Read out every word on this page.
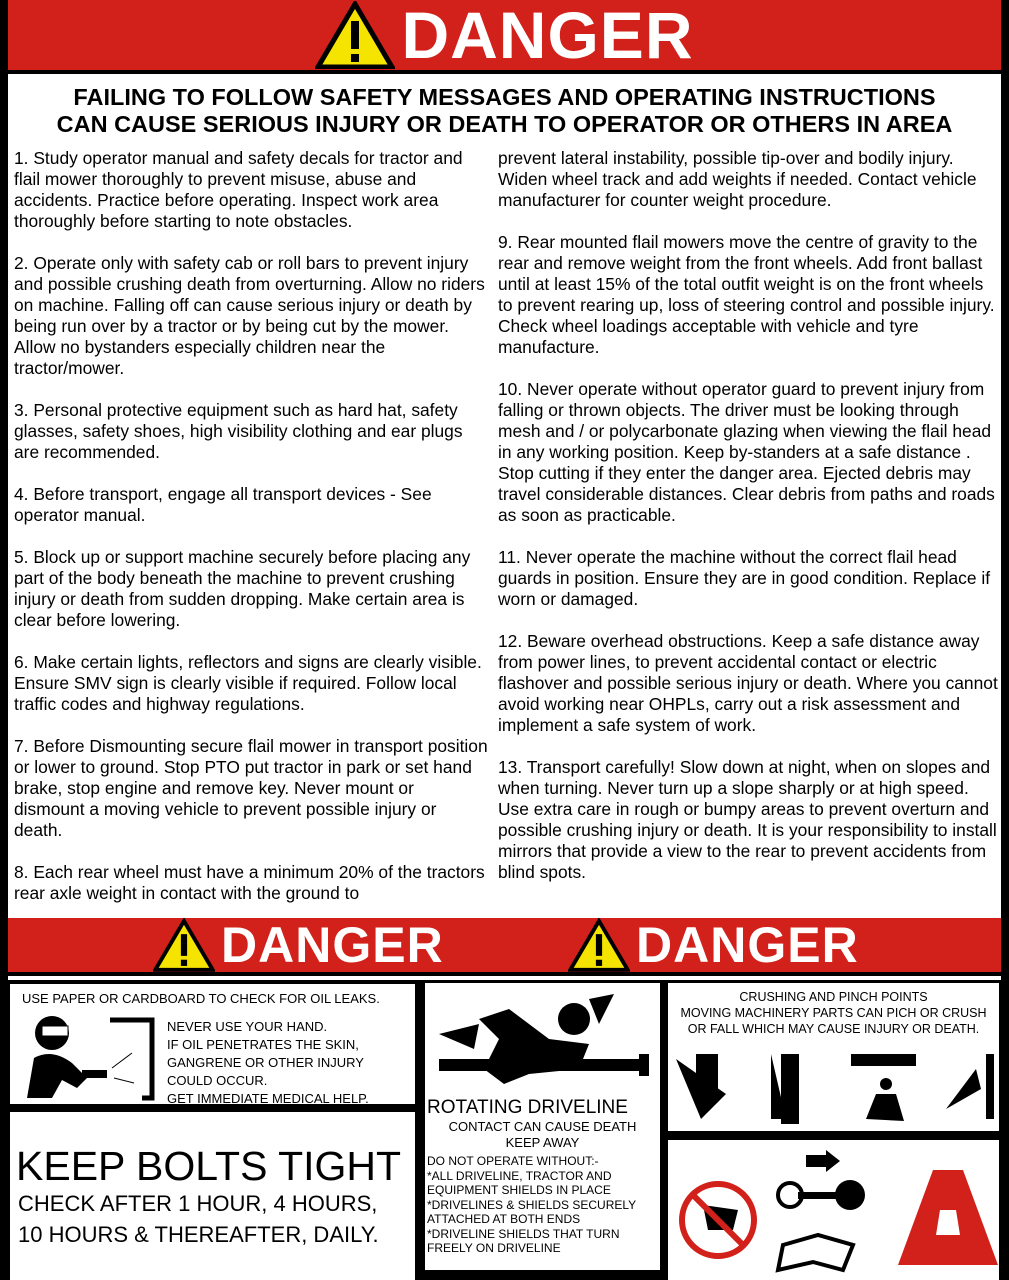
DANGER
FAILING TO FOLLOW SAFETY MESSAGES AND OPERATING INSTRUCTIONS
CAN CAUSE SERIOUS INJURY OR DEATH TO OPERATOR OR OTHERS IN AREA

1. Study operator manual and safety decals for tractor and flail mower thoroughly to prevent misuse, abuse and accidents. Practice before operating. Inspect work area thoroughly before starting to note obstacles.

2. Operate only with safety cab or roll bars to prevent injury and possible crushing death from overturning. Allow no riders on machine. Falling off can cause serious injury or death by being run over by a tractor or by being cut by the mower. Allow no bystanders especially children near the tractor/mower.

3. Personal protective equipment such as hard hat, safety glasses, safety shoes, high visibility clothing and ear plugs are recommended.

4. Before transport, engage all transport devices - See operator manual.

5. Block up or support machine securely before placing any part of the body beneath the machine to prevent crushing injury or death from sudden dropping. Make certain area is clear before lowering.

6. Make certain lights, reflectors and signs are clearly visible. Ensure SMV sign is clearly visible if required. Follow local traffic codes and highway regulations.

7. Before Dismounting secure flail mower in transport position or lower to ground. Stop PTO put tractor in park or set hand brake, stop engine and remove key. Never mount or dismount a moving vehicle to prevent possible injury or death.

8. Each rear wheel must have a minimum 20% of the tractors rear axle weight in contact with the ground to

prevent lateral instability, possible tip-over and bodily injury. Widen wheel track and add weights if needed. Contact vehicle manufacturer for counter weight procedure.

9. Rear mounted flail mowers move the centre of gravity to the rear and remove weight from the front wheels. Add front ballast until at least 15% of the total outfit weight is on the front wheels to prevent rearing up, loss of steering control and possible injury. Check wheel loadings acceptable with vehicle and tyre manufacture.

10. Never operate without operator guard to prevent injury from falling or thrown objects. The driver must be looking through mesh and / or polycarbonate glazing when viewing the flail head in any working position. Keep by-standers at a safe distance . Stop cutting if they enter the danger area. Ejected debris may travel considerable distances. Clear debris from paths and roads as soon as practicable.

11. Never operate the machine without the correct flail head guards in position. Ensure they are in good condition. Replace if worn or damaged.

12. Beware overhead obstructions. Keep a safe distance away from power lines, to prevent accidental contact or electric flashover and possible serious injury or death. Where you cannot avoid working near OHPLs, carry out a risk assessment and implement a safe system of work.

13. Transport carefully! Slow down at night, when on slopes and when turning. Never turn up a slope sharply or at high speed. Use extra care in rough or bumpy areas to prevent overturn and possible crushing injury or death. It is your responsibility to install mirrors that provide a view to the rear to prevent accidents from blind spots.

DANGER	DANGER
USE PAPER OR CARDBOARD TO CHECK FOR OIL LEAKS.
NEVER USE YOUR HAND.
IF OIL PENETRATES THE SKIN,
GANGRENE OR OTHER INJURY
COULD OCCUR.
GET IMMEDIATE MEDICAL HELP.
KEEP BOLTS TIGHT
CHECK AFTER 1 HOUR, 4 HOURS,
10 HOURS & THEREAFTER, DAILY.
ROTATING DRIVELINE
CONTACT CAN CAUSE DEATH
KEEP AWAY
DO NOT OPERATE WITHOUT:-
*ALL DRIVELINE, TRACTOR AND
EQUIPMENT SHIELDS IN PLACE
*DRIVELINES & SHIELDS SECURELY
ATTACHED AT BOTH ENDS
*DRIVELINE SHIELDS THAT TURN
FREELY ON DRIVELINE
CRUSHING AND PINCH POINTS
MOVING MACHINERY PARTS CAN PICH OR CRUSH
OR FALL WHICH MAY CAUSE INJURY OR DEATH.
